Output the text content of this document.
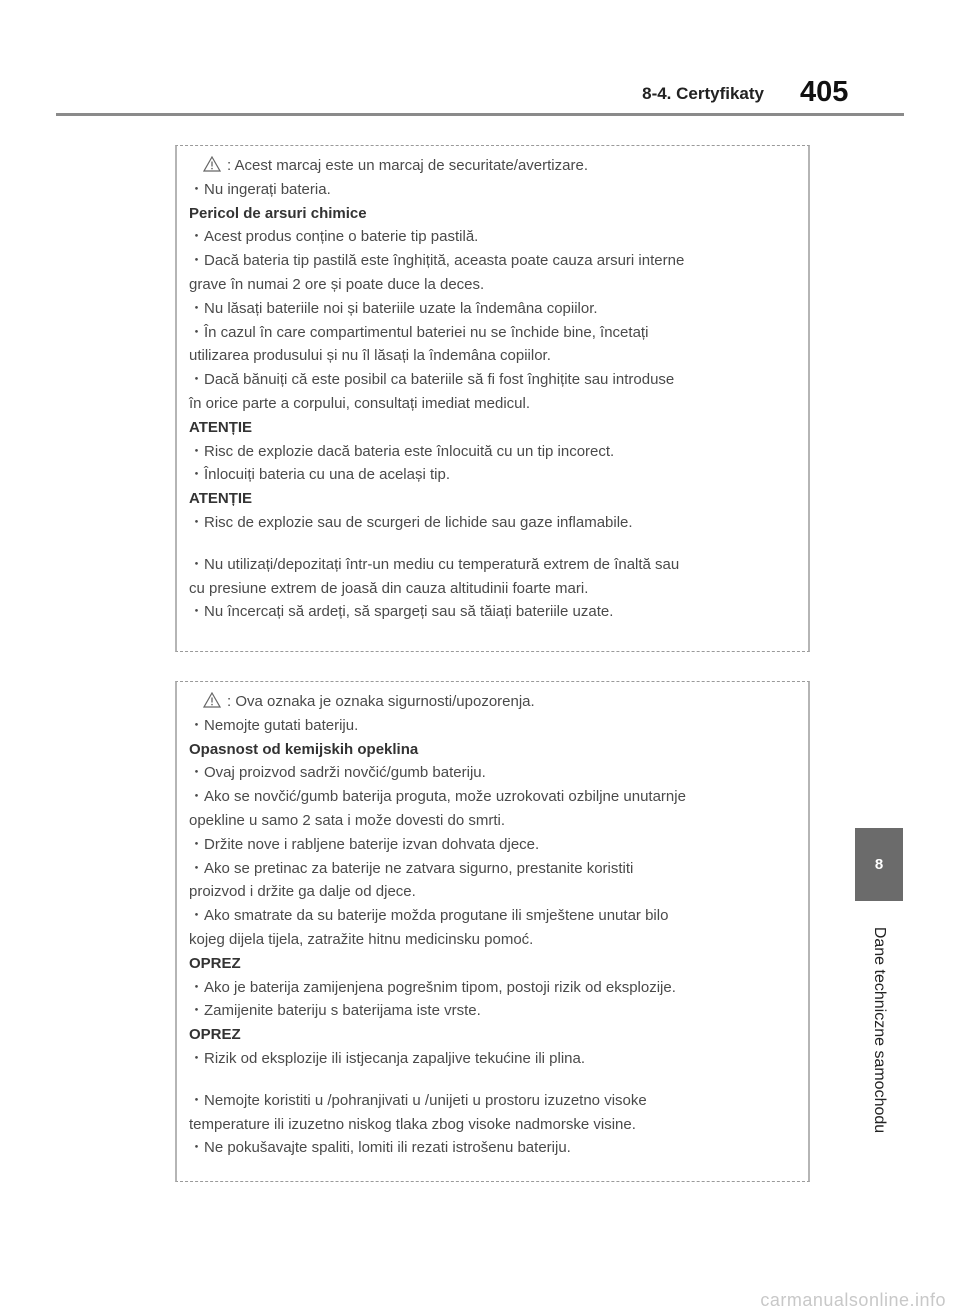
8-4. Certyfikaty 405
: Acest marcaj este un marcaj de securitate/avertizare.
・Nu ingerați bateria.
Pericol de arsuri chimice
・Acest produs conține o baterie tip pastilă.
・Dacă bateria tip pastilă este înghițită, aceasta poate cauza arsuri interne
grave în numai 2 ore și poate duce la deces.
・Nu lăsați bateriile noi și bateriile uzate la îndemâna copiilor.
・În cazul în care compartimentul bateriei nu se închide bine, încetați
utilizarea produsului și nu îl lăsați la îndemâna copiilor.
・Dacă bănuiți că este posibil ca bateriile să fi fost înghițite sau introduse
în orice parte a corpului, consultați imediat medicul.
ATENȚIE
・Risc de explozie dacă bateria este înlocuită cu un tip incorect.
・Înlocuiți bateria cu una de același tip.
ATENȚIE
・Risc de explozie sau de scurgeri de lichide sau gaze inflamabile.
・Nu utilizați/depozitați într-un mediu cu temperatură extrem de înaltă sau
cu presiune extrem de joasă din cauza altitudinii foarte mari.
・Nu încercați să ardeți, să spargeți sau să tăiați bateriile uzate.
: Ova oznaka je oznaka sigurnosti/upozorenja.
・Nemojte gutati bateriju.
Opasnost od kemijskih opeklina
・Ovaj proizvod sadrži novčić/gumb bateriju.
・Ako se novčić/gumb baterija proguta, može uzrokovati ozbiljne unutarnje
opekline u samo 2 sata i može dovesti do smrti.
・Držite nove i rabljene baterije izvan dohvata djece.
・Ako se pretinac za baterije ne zatvara sigurno, prestanite koristiti
proizvod i držite ga dalje od djece.
・Ako smatrate da su baterije možda progutane ili smještene unutar bilo
kojeg dijela tijela, zatražite hitnu medicinsku pomoć.
OPREZ
・Ako je baterija zamijenjena pogrešnim tipom, postoji rizik od eksplozije.
・Zamijenite bateriju s baterijama iste vrste.
OPREZ
・Rizik od eksplozije ili istjecanja zapaljive tekućine ili plina.
・Nemojte koristiti u /pohranjivati u /unijeti u prostoru izuzetno visoke
temperature ili izuzetno niskog tlaka zbog visoke nadmorske visine.
・Ne pokušavajte spaliti, lomiti ili rezati istrošenu bateriju.
8
Dane techniczne samochodu
carmanualsonline.info
